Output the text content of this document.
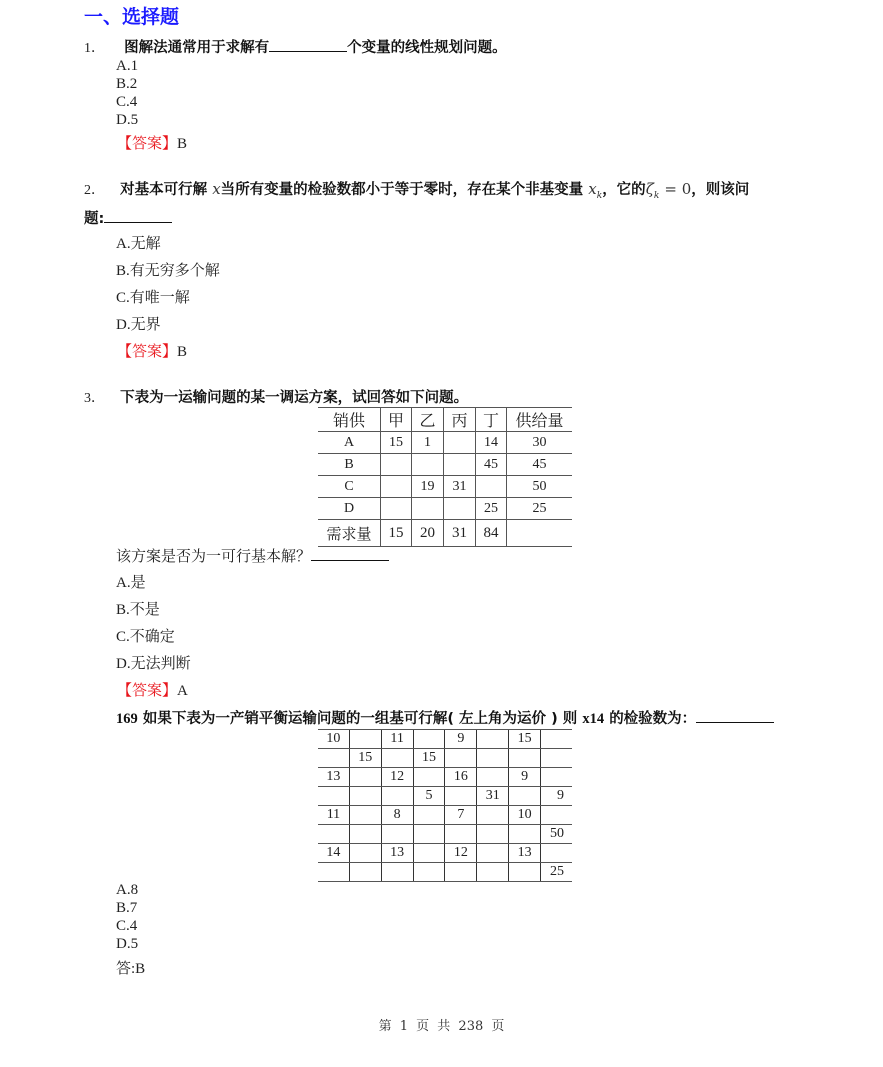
一、选择题
1． 图解法通常用于求解有	个变量的线性规划问题。
A.1
B.2
C.4
D.5
【答案】B
2． 对基本可行解 x当所有变量的检验数都小于等于零时，存在某个非基变量 $x_k$，它的$\zeta_k = 0$，则该问
题:
A.无解
B.有无穷多个解
C.有唯一解
D.无界
【答案】B
3． 下表为一运输问题的某一调运方案，试回答如下问题。
销供	甲	乙	丙	丁	供给量
A	15	1		14	30
B				45	45
C		19	31		50
D				25	25
需求量	15	20	31	84	
该方案是否为一可行基本解？
A.是
B.不是
C.不确定
D.无法判断
【答案】A
169 如果下表为一产销平衡运输问题的一组基可行解( 左上角为运价 ) 则 x14 的检验数为：
10		11		9		15	
	15		15				
13		12		16		9	
			5		31		9
11		8		7		10	
							50
14		13		12		13	
							25
A.8
B.7
C.4
D.5
答:B
第 1 页 共 238 页
